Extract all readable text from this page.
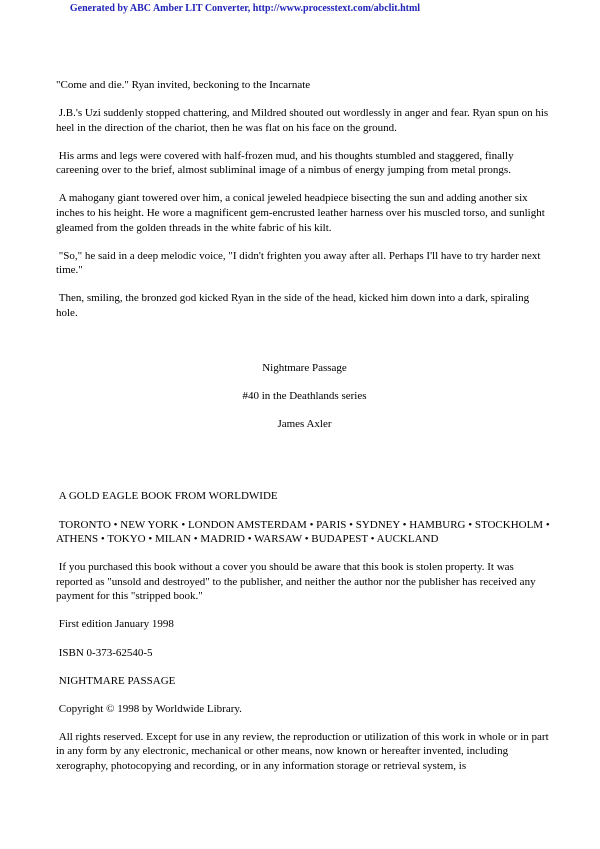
Generated by ABC Amber LIT Converter, http://www.processtext.com/abclit.html

"Come and die." Ryan invited, beckoning to the Incarnate

J.B.'s Uzi suddenly stopped chattering, and Mildred shouted out wordlessly in anger and fear. Ryan spun on his heel in the direction of the chariot, then he was flat on his face on the ground.

His arms and legs were covered with half-frozen mud, and his thoughts stumbled and staggered, finally careening over to the brief, almost subliminal image of a nimbus of energy jumping from metal prongs.

A mahogany giant towered over him, a conical jeweled headpiece bisecting the sun and adding another six inches to his height. He wore a magnificent gem-encrusted leather harness over his muscled torso, and sunlight gleamed from the golden threads in the white fabric of his kilt.

"So," he said in a deep melodic voice, "I didn't frighten you away after all. Perhaps I'll have to try harder next time."

Then, smiling, the bronzed god kicked Ryan in the side of the head, kicked him down into a dark, spiraling hole.

Nightmare Passage

#40 in the Deathlands series

James Axler

A GOLD EAGLE BOOK FROM WORLDWIDE

TORONTO • NEW YORK • LONDON AMSTERDAM • PARIS • SYDNEY • HAMBURG • STOCKHOLM • ATHENS • TOKYO • MILAN • MADRID • WARSAW • BUDAPEST • AUCKLAND

If you purchased this book without a cover you should be aware that this book is stolen property. It was reported as "unsold and destroyed" to the publisher, and neither the author nor the publisher has received any payment for this "stripped book."

First edition January 1998

ISBN 0-373-62540-5

NIGHTMARE PASSAGE

Copyright © 1998 by Worldwide Library.

All rights reserved. Except for use in any review, the reproduction or utilization of this work in whole or in part in any form by any electronic, mechanical or other means, now known or hereafter invented, including xerography, photocopying and recording, or in any information storage or retrieval system, is
